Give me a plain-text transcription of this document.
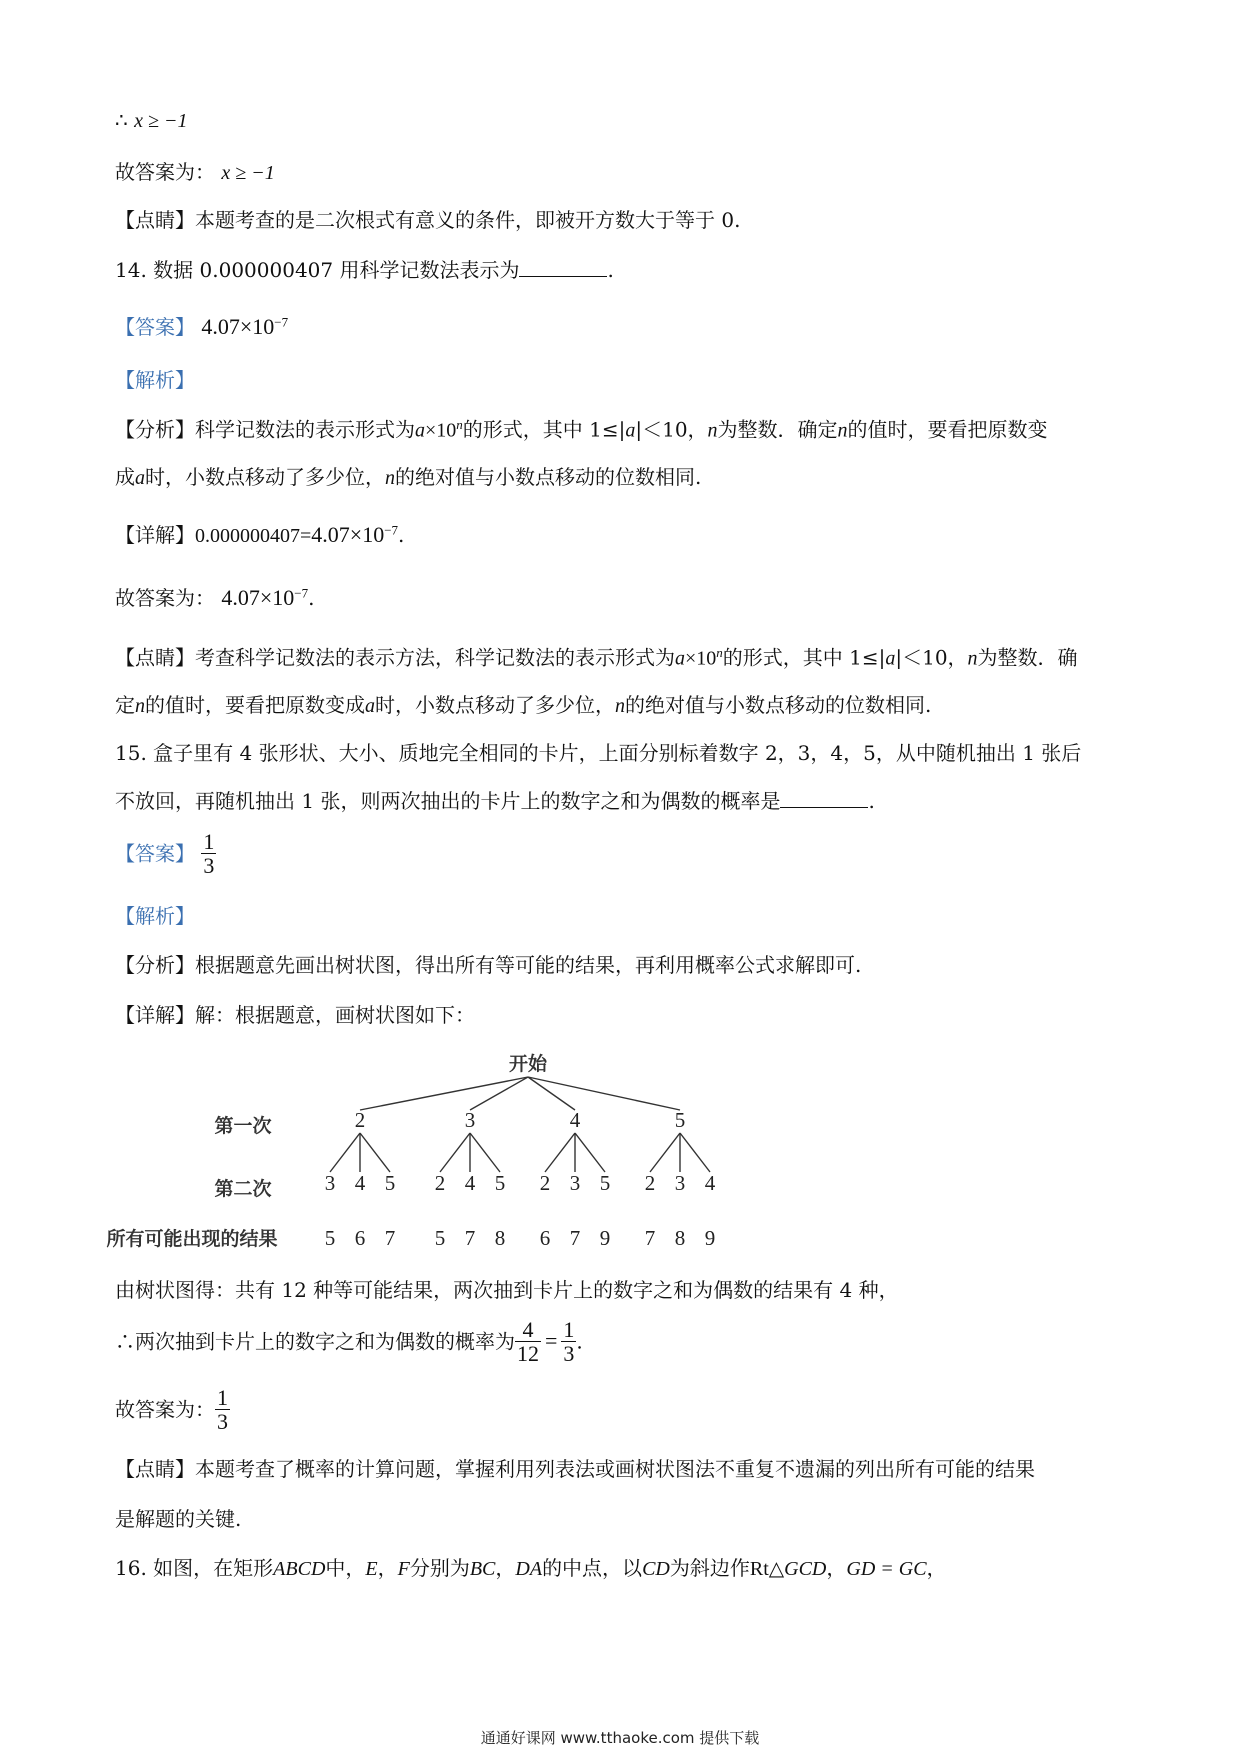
∴ x ≥ −1
故答案为： x ≥ −1
【点睛】本题考查的是二次根式有意义的条件，即被开方数大于等于 0.
14. 数据 0.000000407 用科学记数法表示为	.
【答案】 $4.07\times 10^{-7}$
【解析】
【分析】科学记数法的表示形式为$a\times 10^n$的形式，其中 1≤|a|＜10，n为整数．确定n的值时，要看把原数变
成a时，小数点移动了多少位，n的绝对值与小数点移动的位数相同.
【详解】$0.000000407=4.07\times 10^{-7}$.
故答案为： $4.07\times 10^{-7}$.
【点睛】考查科学记数法的表示方法，科学记数法的表示形式为$a\times 10^n$的形式，其中 1≤|a|＜10，n为整数．确
定n的值时，要看把原数变成a时，小数点移动了多少位，n的绝对值与小数点移动的位数相同.
15. 盒子里有 4 张形状、大小、质地完全相同的卡片，上面分别标着数字 2，3，4，5，从中随机抽出 1 张后
不放回，再随机抽出 1 张，则两次抽出的卡片上的数字之和为偶数的概率是	.
【答案】 $\frac{1}{3}$
【解析】
【分析】根据题意先画出树状图，得出所有等可能的结果，再利用概率公式求解即可.
【详解】解：根据题意，画树状图如下：
开始
第一次
第二次
所有可能出现的结果
2
3
5
4
6
5
7
3
2
5
4
7
5
8
4
2
6
3
7
5
9
5
2
7
3
8
4
9
由树状图得：共有 12 种等可能结果，两次抽到卡片上的数字之和为偶数的结果有 4 种，
∴两次抽到卡片上的数字之和为偶数的概率为 $\frac{4}{12} = \frac{1}{3}$ .
故答案为： $\frac{1}{3}$
【点睛】本题考查了概率的计算问题，掌握利用列表法或画树状图法不重复不遗漏的列出所有可能的结果
是解题的关键.
16. 如图，在矩形ABCD中，E，F分别为BC，DA的中点，以CD为斜边作Rt△GCD，GD = GC，
通通好课网 www.tthaoke.com 提供下载
